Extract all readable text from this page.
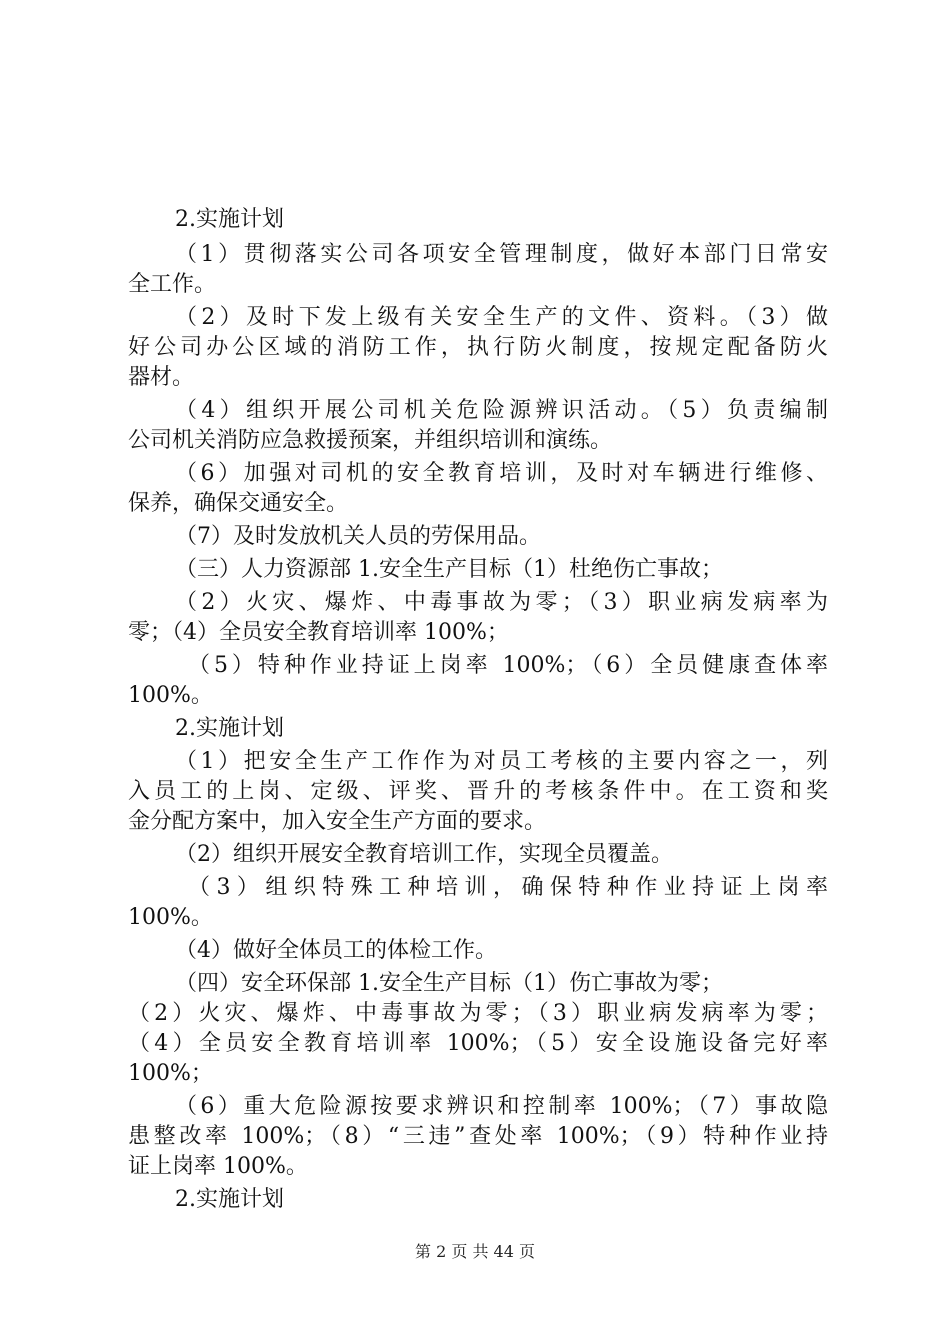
2.实施计划
（1）贯彻落实公司各项安全管理制度，做好本部门日常安
全工作。
（2）及时下发上级有关安全生产的文件、资料。（3）做
好公司办公区域的消防工作，执行防火制度，按规定配备防火
器材。
（4）组织开展公司机关危险源辨识活动。（5）负责编制
公司机关消防应急救援预案，并组织培训和演练。
（6）加强对司机的安全教育培训，及时对车辆进行维修、
保养，确保交通安全。
（7）及时发放机关人员的劳保用品。
（三）人力资源部 1.安全生产目标（1）杜绝伤亡事故；
（2）火灾、爆炸、中毒事故为零；（3）职业病发病率为
零；（4）全员安全教育培训率 100%；
（5）特种作业持证上岗率 100%；（6）全员健康查体率
100%。
2.实施计划
（1）把安全生产工作作为对员工考核的主要内容之一，列
入员工的上岗、定级、评奖、晋升的考核条件中。在工资和奖
金分配方案中，加入安全生产方面的要求。
（2）组织开展安全教育培训工作，实现全员覆盖。
（3）组织特殊工种培训，确保特种作业持证上岗率
100%。
（4）做好全体员工的体检工作。
（四）安全环保部 1.安全生产目标（1）伤亡事故为零；
（2）火灾、爆炸、中毒事故为零；（3）职业病发病率为零；
（4）全员安全教育培训率 100%；（5）安全设施设备完好率
100%；
（6）重大危险源按要求辨识和控制率 100%；（7）事故隐
患整改率 100%；（8）“三违”查处率 100%；（9）特种作业持
证上岗率 100%。
2.实施计划
第 2 页 共 44 页
